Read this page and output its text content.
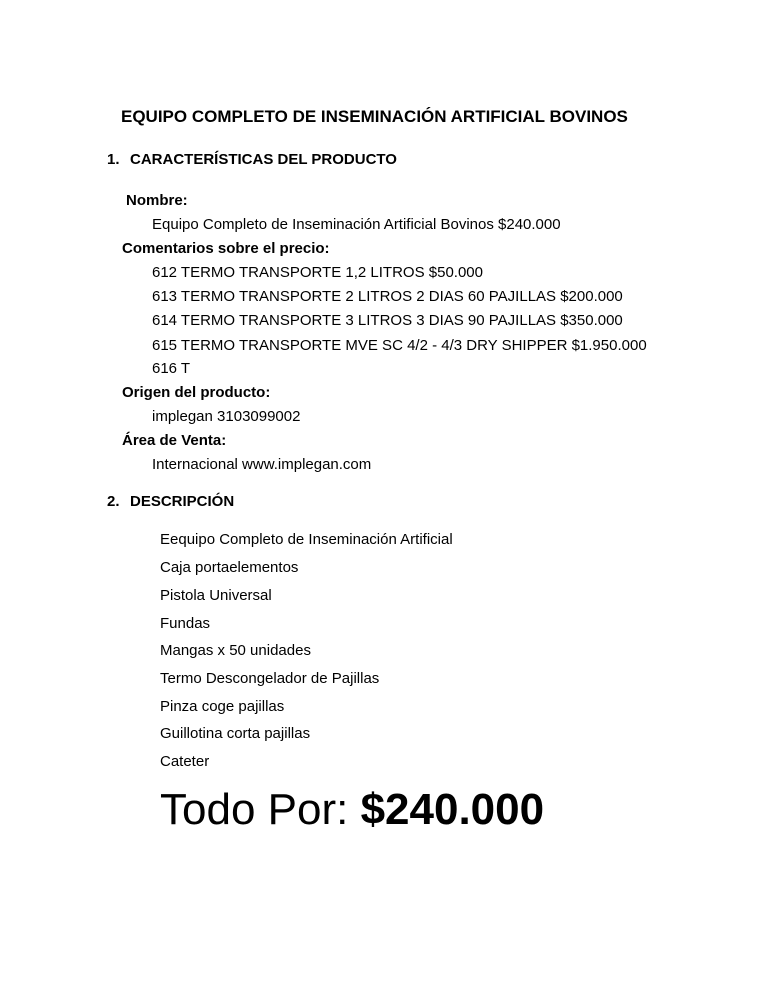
EQUIPO COMPLETO DE INSEMINACIÓN ARTIFICIAL BOVINOS
1. CARACTERÍSTICAS DEL PRODUCTO
Nombre:
Equipo Completo de Inseminación Artificial Bovinos $240.000
Comentarios sobre el precio:
612 TERMO TRANSPORTE 1,2 LITROS $50.000
613 TERMO TRANSPORTE 2 LITROS 2 DIAS 60 PAJILLAS $200.000
614 TERMO TRANSPORTE 3 LITROS 3 DIAS 90 PAJILLAS $350.000
615 TERMO TRANSPORTE MVE SC 4/2 - 4/3 DRY SHIPPER $1.950.000
616 T
Origen del producto:
implegan 3103099002
Área de Venta:
Internacional www.implegan.com
2. DESCRIPCIÓN
Eequipo Completo de Inseminación Artificial
Caja portaelementos
Pistola Universal
Fundas
Mangas x 50 unidades
Termo Descongelador de Pajillas
Pinza coge pajillas
Guillotina corta pajillas
Cateter
Todo Por: $240.000
